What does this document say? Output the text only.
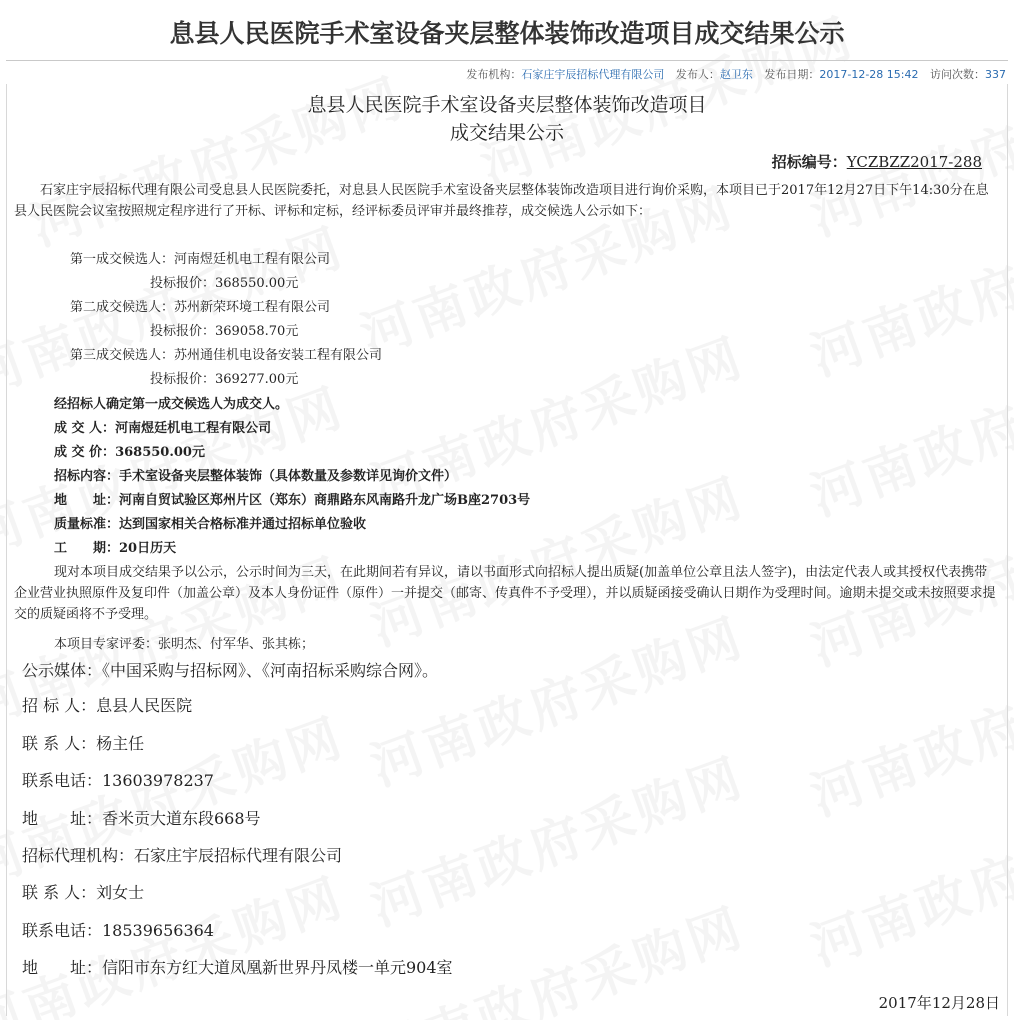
息县人民医院手术室设备夹层整体装饰改造项目成交结果公示
发布机构：石家庄宇辰招标代理有限公司 发布人：赵卫东 发布日期：2017-12-28 15:42 访问次数：337
息县人民医院手术室设备夹层整体装饰改造项目
成交结果公示
招标编号：YCZBZZ2017-288
石家庄宇辰招标代理有限公司受息县人民医院委托，对息县人民医院手术室设备夹层整体装饰改造项目进行询价采购，本项目已于2017年12月27日下午14:30分在息县人民医院会议室按照规定程序进行了开标、评标和定标，经评标委员评审并最终推荐，成交候选人公示如下：
第一成交候选人：河南煜廷机电工程有限公司
投标报价：368550.00元
第二成交候选人：苏州新荣环境工程有限公司
投标报价：369058.70元
第三成交候选人：苏州通佳机电设备安装工程有限公司
投标报价：369277.00元
经招标人确定第一成交候选人为成交人。
成 交 人：河南煜廷机电工程有限公司
成 交 价：368550.00元
招标内容：手术室设备夹层整体装饰（具体数量及参数详见询价文件）
地　　址：河南自贸试验区郑州片区（郑东）商鼎路东风南路升龙广场B座2703号
质量标准：达到国家相关合格标准并通过招标单位验收
工　　期：20日历天
现对本项目成交结果予以公示，公示时间为三天，在此期间若有异议，请以书面形式向招标人提出质疑(加盖单位公章且法人签字)，由法定代表人或其授权代表携带企业营业执照原件及复印件（加盖公章）及本人身份证件（原件）一并提交（邮寄、传真件不予受理），并以质疑函接受确认日期作为受理时间。逾期未提交或未按照要求提交的质疑函将不予受理。
本项目专家评委：张明杰、付军华、张其栋；
公示媒体：《中国采购与招标网》、《河南招标采购综合网》。
招 标 人：息县人民医院
联 系 人：杨主任
联系电话：13603978237
地　　址：香米贡大道东段668号
招标代理机构：石家庄宇辰招标代理有限公司
联 系 人：刘女士
联系电话：18539656364
地　　址：信阳市东方红大道凤凰新世界丹凤楼一单元904室
2017年12月28日
